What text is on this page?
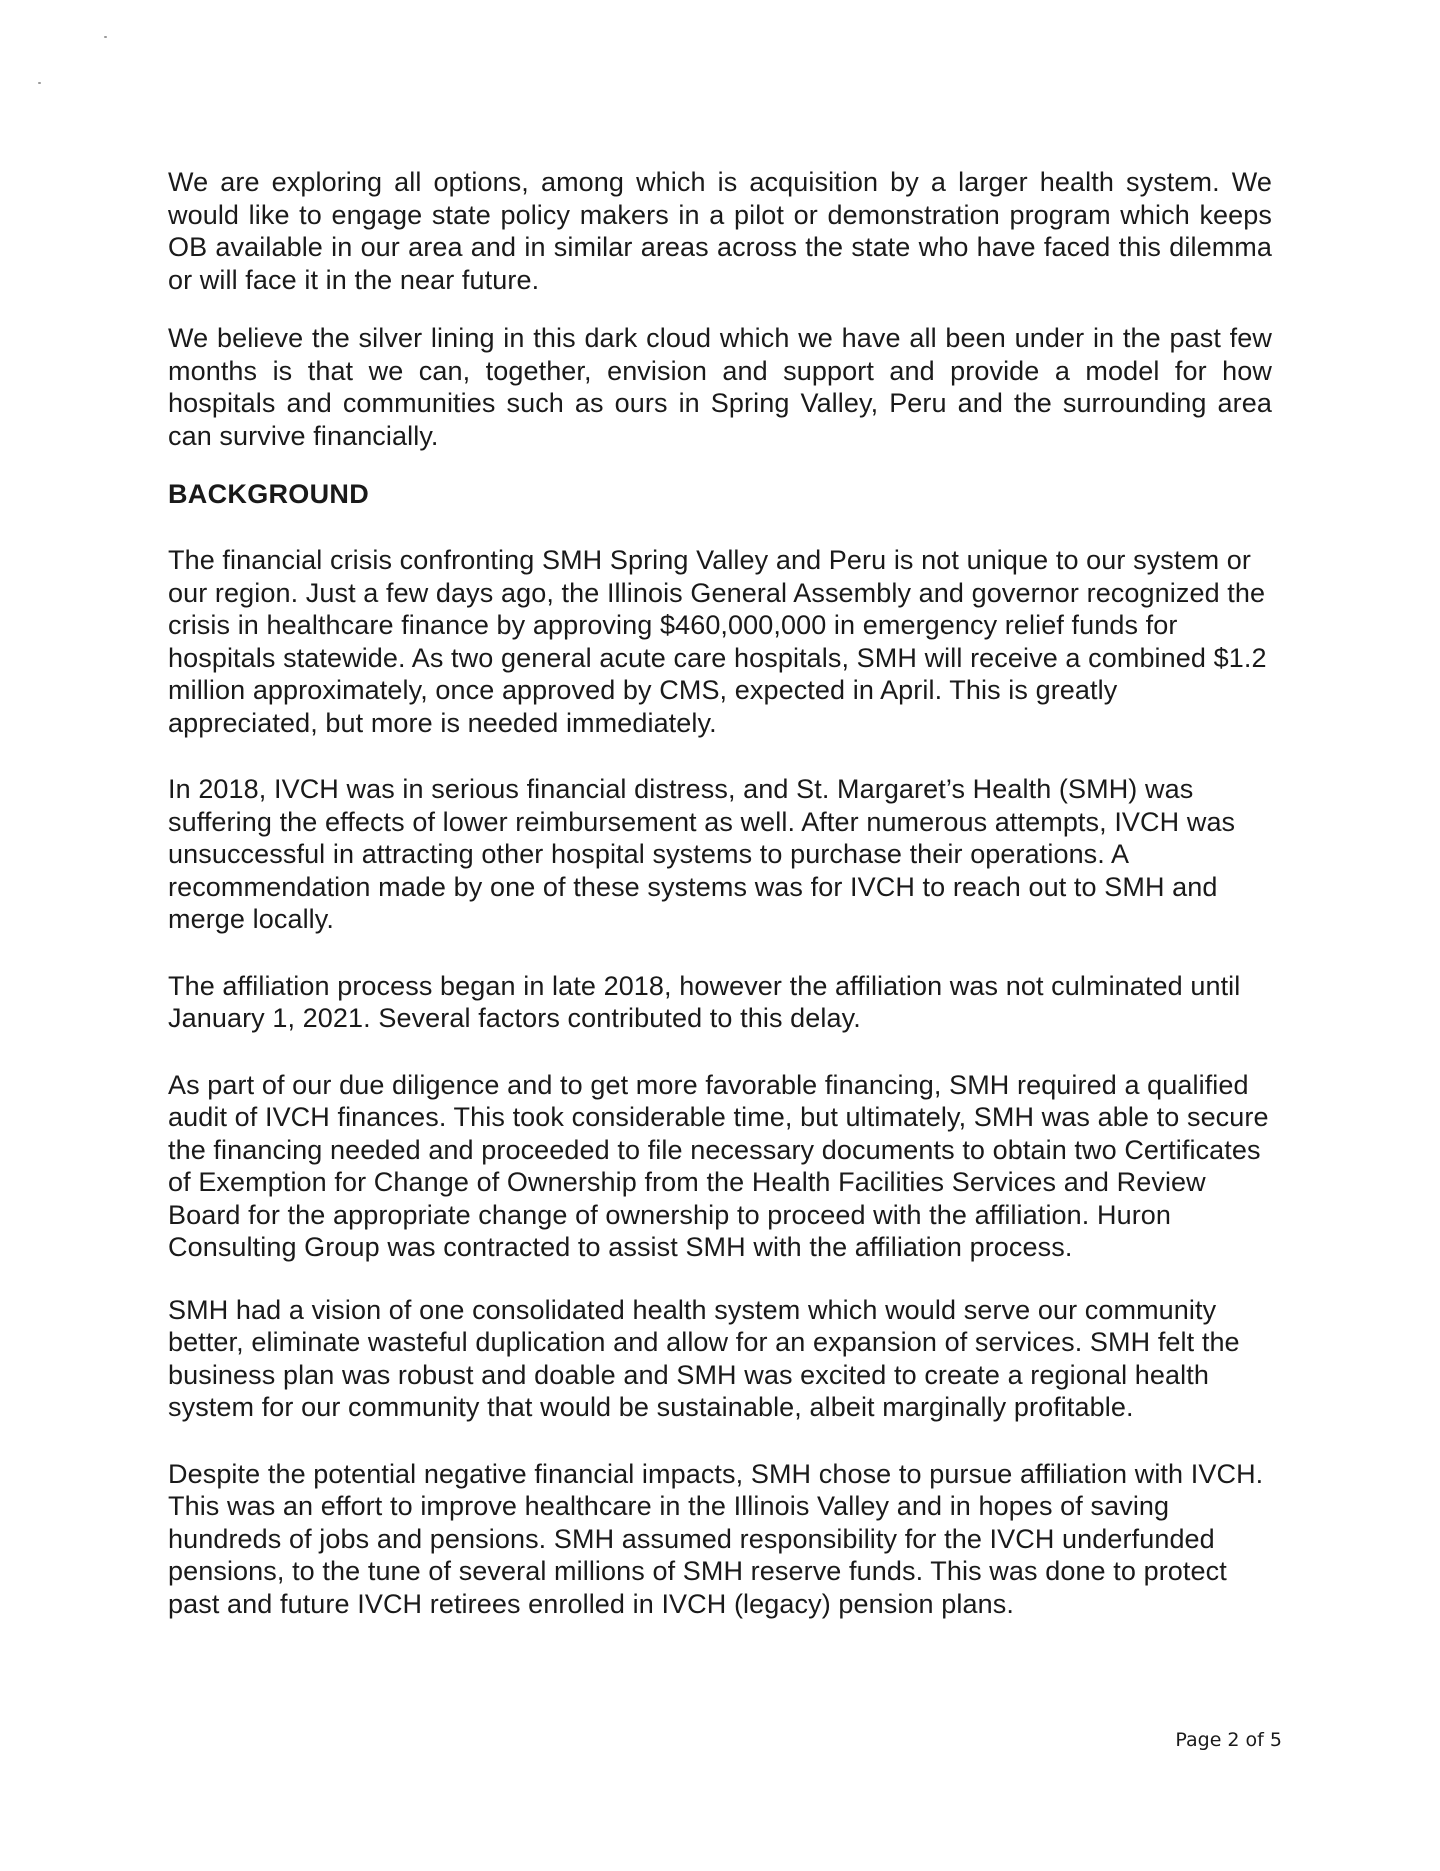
We are exploring all options, among which is acquisition by a larger health system. We would like to engage state policy makers in a pilot or demonstration program which keeps OB available in our area and in similar areas across the state who have faced this dilemma or will face it in the near future.

We believe the silver lining in this dark cloud which we have all been under in the past few months is that we can, together, envision and support and provide a model for how hospitals and communities such as ours in Spring Valley, Peru and the surrounding area can survive financially.

BACKGROUND

The financial crisis confronting SMH Spring Valley and Peru is not unique to our system or our region. Just a few days ago, the Illinois General Assembly and governor recognized the crisis in healthcare finance by approving $460,000,000 in emergency relief funds for hospitals statewide. As two general acute care hospitals, SMH will receive a combined $1.2 million approximately, once approved by CMS, expected in April. This is greatly appreciated, but more is needed immediately.

In 2018, IVCH was in serious financial distress, and St. Margaret’s Health (SMH) was suffering the effects of lower reimbursement as well. After numerous attempts, IVCH was unsuccessful in attracting other hospital systems to purchase their operations. A recommendation made by one of these systems was for IVCH to reach out to SMH and merge locally.

The affiliation process began in late 2018, however the affiliation was not culminated until January 1, 2021. Several factors contributed to this delay.

As part of our due diligence and to get more favorable financing, SMH required a qualified audit of IVCH finances. This took considerable time, but ultimately, SMH was able to secure the financing needed and proceeded to file necessary documents to obtain two Certificates of Exemption for Change of Ownership from the Health Facilities Services and Review Board for the appropriate change of ownership to proceed with the affiliation. Huron Consulting Group was contracted to assist SMH with the affiliation process.

SMH had a vision of one consolidated health system which would serve our community better, eliminate wasteful duplication and allow for an expansion of services. SMH felt the business plan was robust and doable and SMH was excited to create a regional health system for our community that would be sustainable, albeit marginally profitable.

Despite the potential negative financial impacts, SMH chose to pursue affiliation with IVCH. This was an effort to improve healthcare in the Illinois Valley and in hopes of saving hundreds of jobs and pensions. SMH assumed responsibility for the IVCH underfunded pensions, to the tune of several millions of SMH reserve funds. This was done to protect past and future IVCH retirees enrolled in IVCH (legacy) pension plans.

Page 2 of 5
